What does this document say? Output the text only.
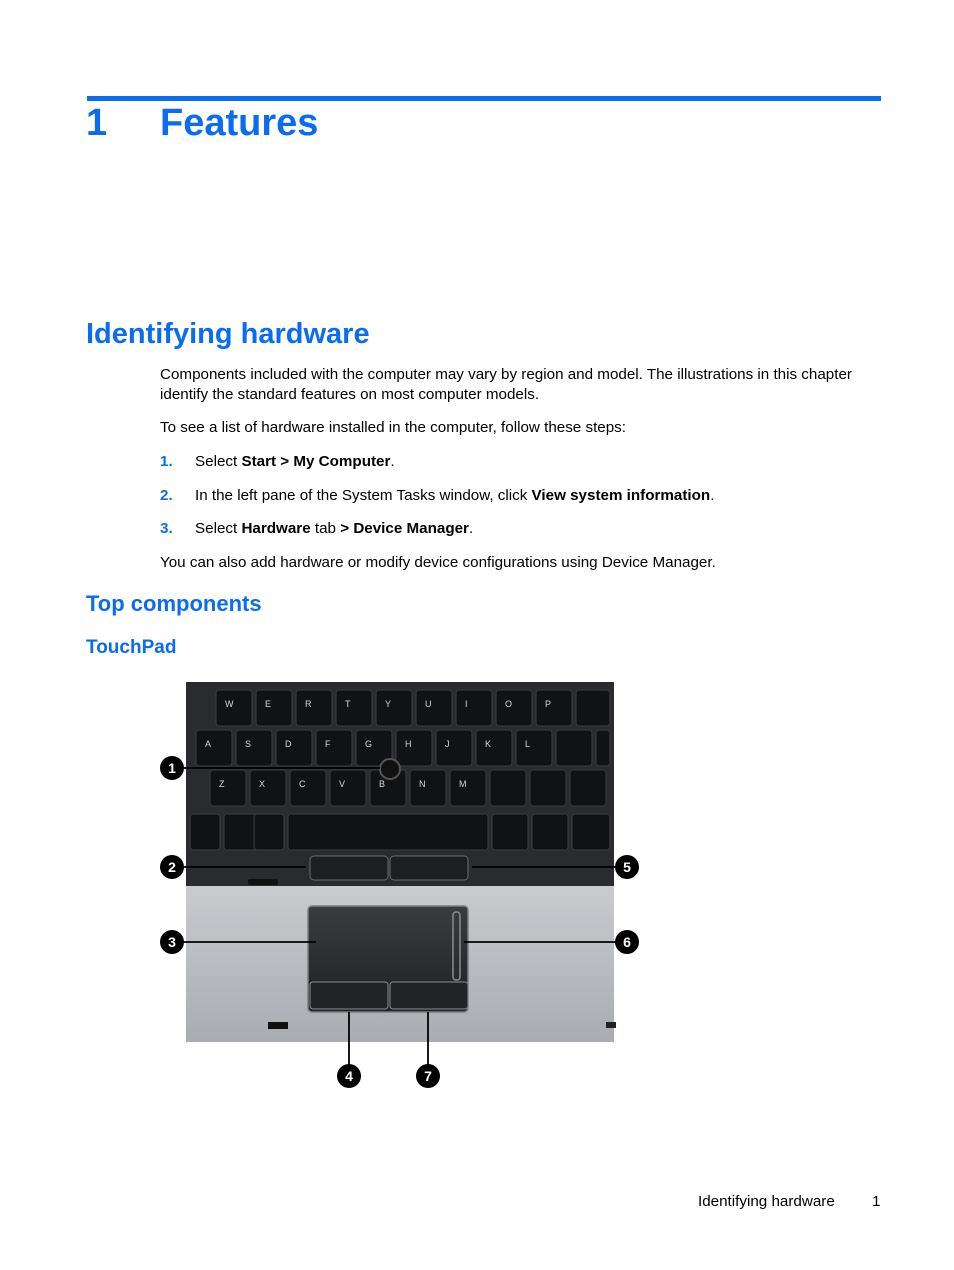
1 Features
Identifying hardware
Components included with the computer may vary by region and model. The illustrations in this chapter identify the standard features on most computer models.
To see a list of hardware installed in the computer, follow these steps:
1. Select Start > My Computer.
2. In the left pane of the System Tasks window, click View system information.
3. Select Hardware tab > Device Manager.
You can also add hardware or modify device configurations using Device Manager.
Top components
TouchPad
W	E	R	T	Y	U	I	O	P
A	S	D	F	G	H	J	K	L
Z	X	C	V	B	N	M
1
2
3
4
5
6
7
Identifying hardware 1
